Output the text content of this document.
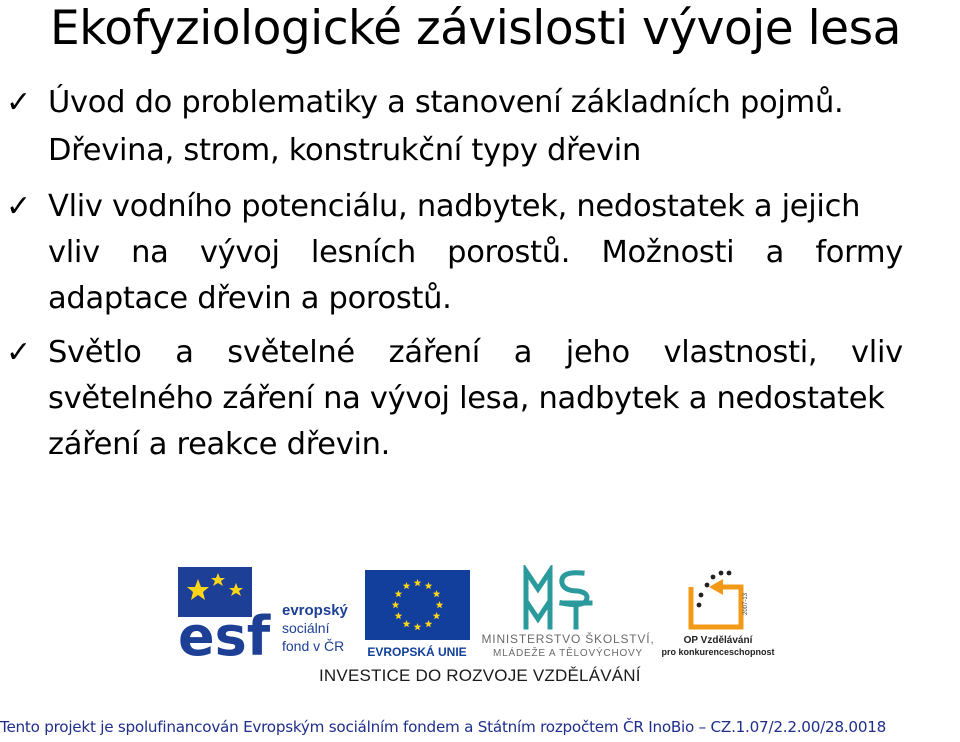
Ekofyziologické závislosti vývoje lesa
✓ Úvod do problematiky a stanovení základních pojmů.
Dřevina, strom, konstrukční typy dřevin
✓ Vliv vodního potenciálu, nadbytek, nedostatek a jejich
vliv na vývoj lesních porostů. Možnosti a formy
adaptace dřevin a porostů.
✓ Světlo a světelné záření a jeho vlastnosti, vliv
světelného záření na vývoj lesa, nadbytek a nedostatek
záření a reakce dřevin.
esf evropský
sociální
fond v ČR EVROPSKÁ UNIE
MINISTERSTVO ŠKOLSTVÍ,
MLÁDEŽE A TĚLOVÝCHOVY
2007-13
OP Vzdělávání
pro konkurenceschopnost
INVESTICE DO ROZVOJE VZDĚLÁVÁNÍ
Tento projekt je spolufinancován Evropským sociálním fondem a Státním rozpočtem ČR InoBio – CZ.1.07/2.2.00/28.0018
